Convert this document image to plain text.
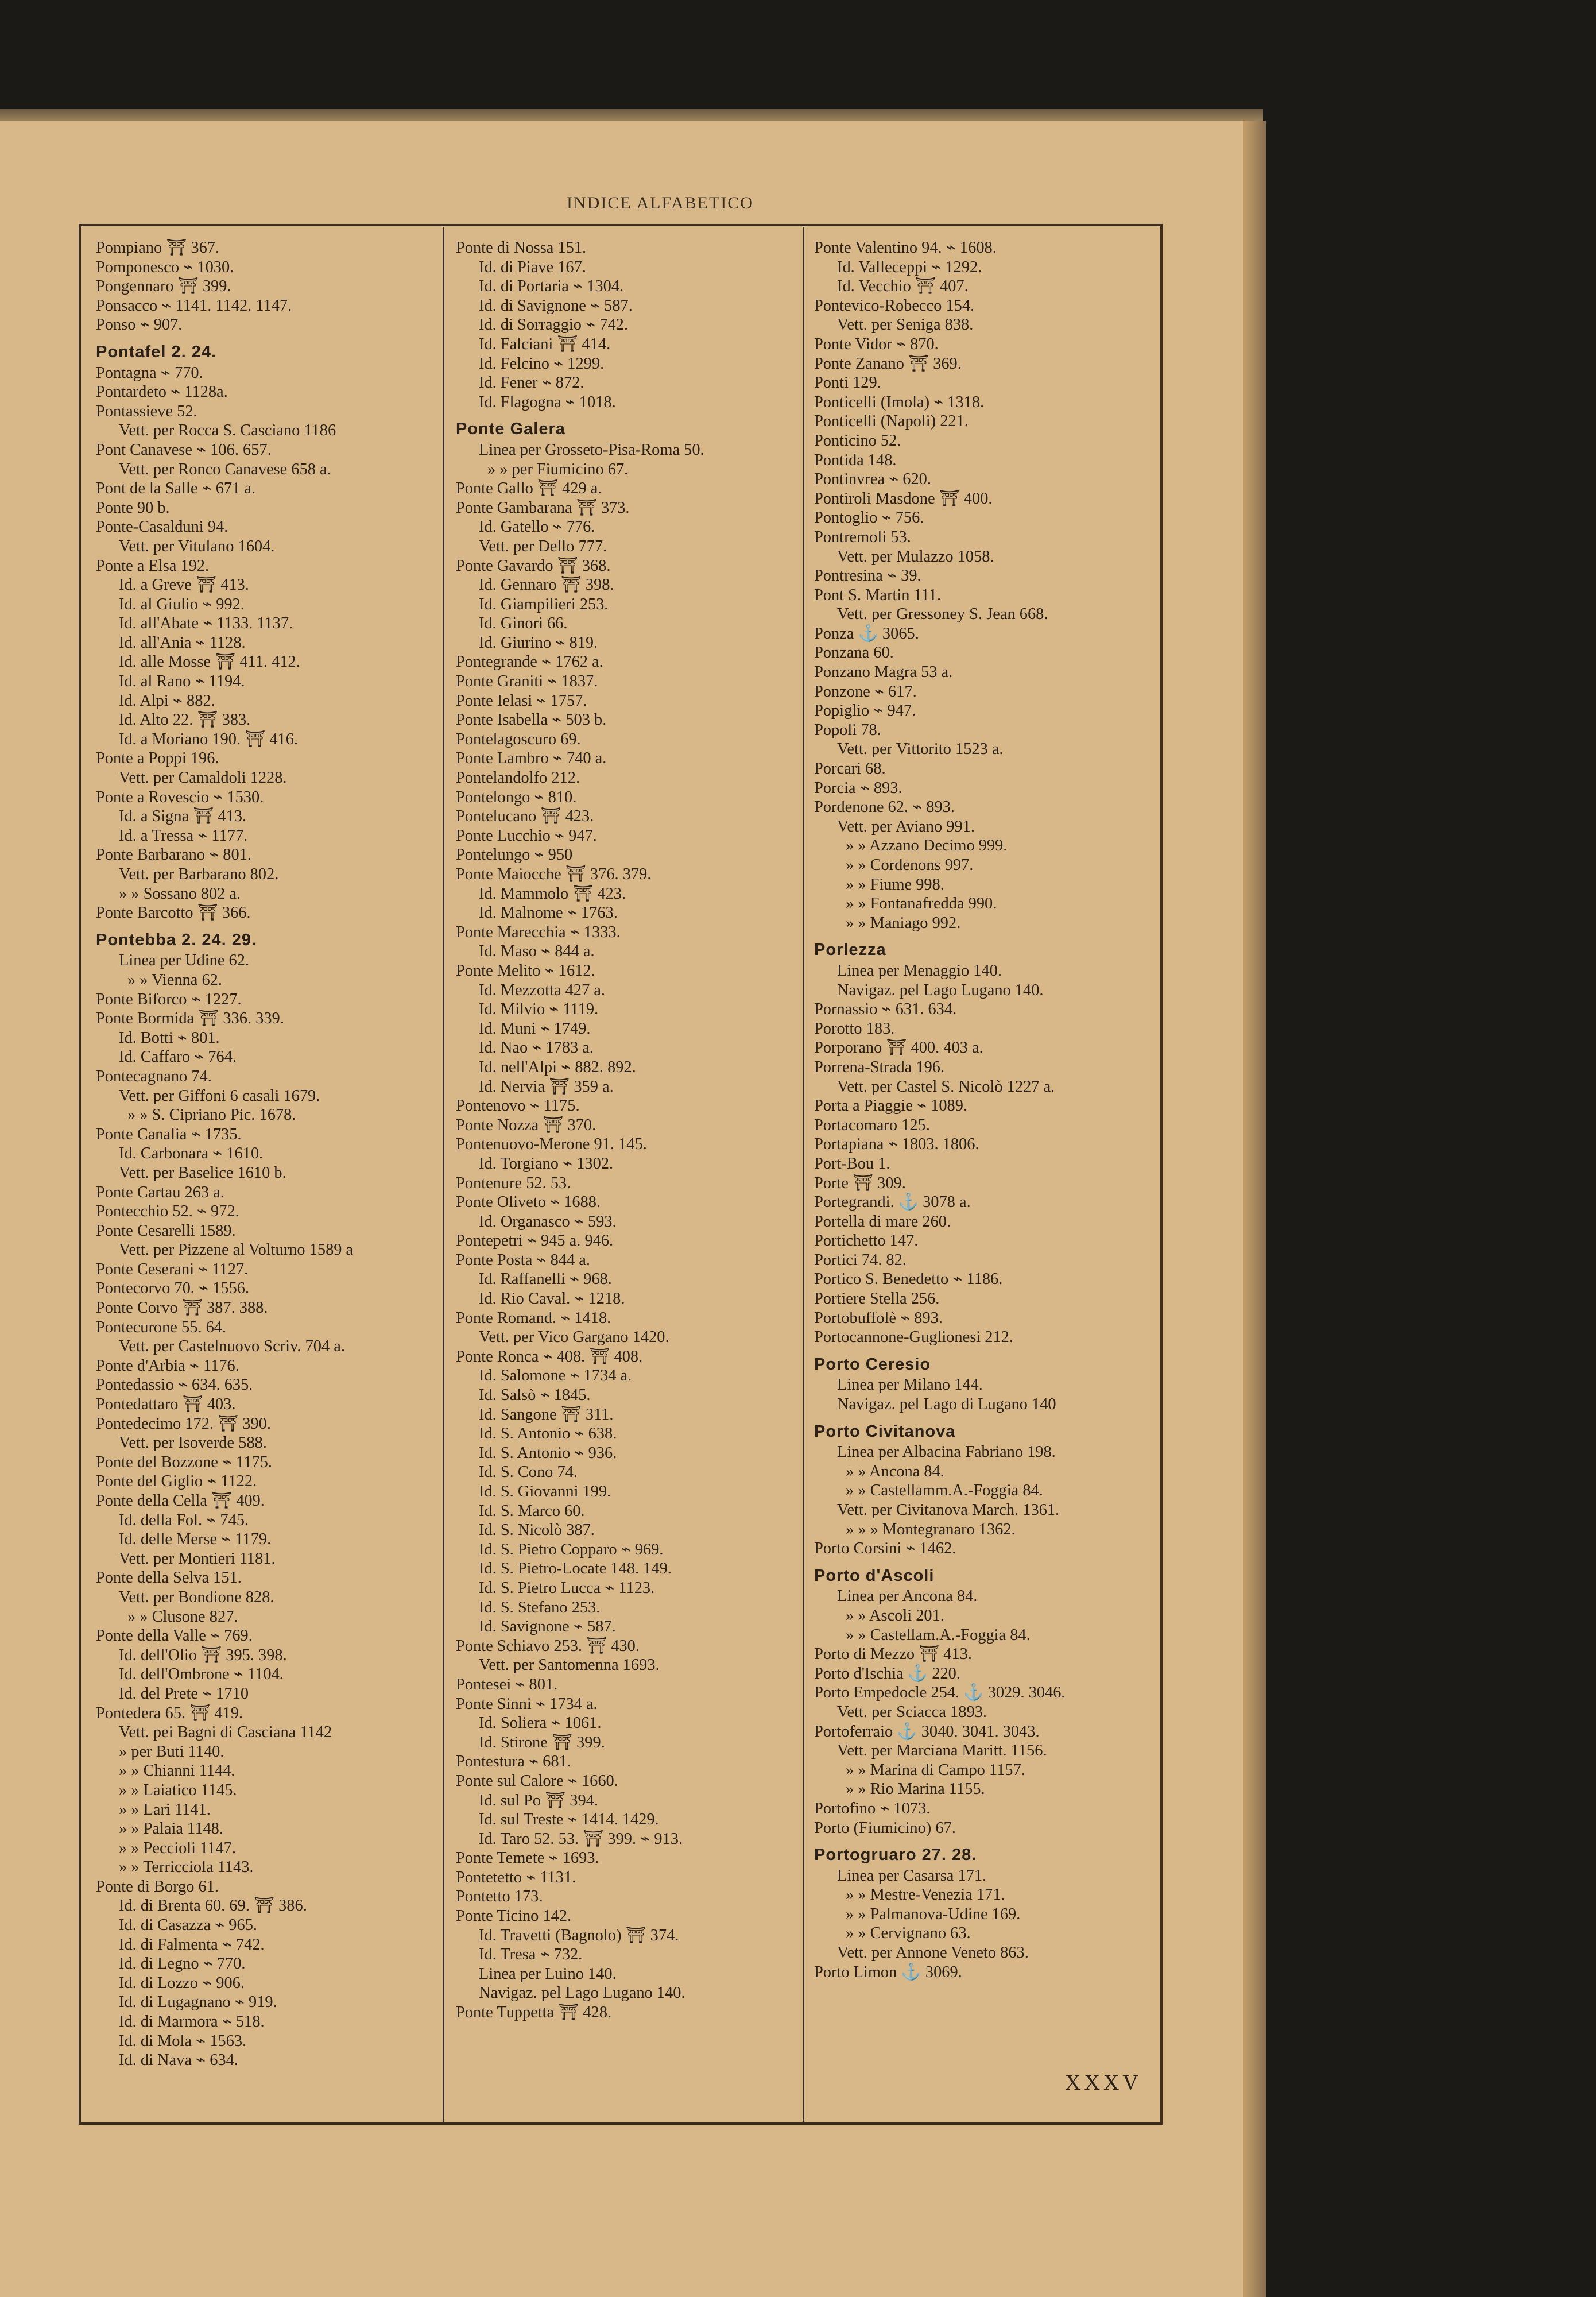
INDICE ALFABETICO
Pompiano ⛩ 367.
Pomponesco ⌁ 1030.
Pongennaro ⛩ 399.
Ponsacco ⌁ 1141. 1142. 1147.
Ponso ⌁ 907.
Pontafel 2. 24.
Pontagna ⌁ 770.
Pontardeto ⌁ 1128a.
Pontassieve 52.
Vett. per Rocca S. Casciano 1186
Pont Canavese ⌁ 106. 657.
Vett. per Ronco Canavese 658 a.
Pont de la Salle ⌁ 671 a.
Ponte 90 b.
Ponte-Casalduni 94.
Vett. per Vitulano 1604.
Ponte a Elsa 192.
Id. a Greve ⛩ 413.
Id. al Giulio ⌁ 992.
Id. all'Abate ⌁ 1133. 1137.
Id. all'Ania ⌁ 1128.
Id. alle Mosse ⛩ 411. 412.
Id. al Rano ⌁ 1194.
Id. Alpi ⌁ 882.
Id. Alto 22. ⛩ 383.
Id. a Moriano 190. ⛩ 416.
Ponte a Poppi 196.
Vett. per Camaldoli 1228.
Ponte a Rovescio ⌁ 1530.
Id. a Signa ⛩ 413.
Id. a Tressa ⌁ 1177.
Ponte Barbarano ⌁ 801.
Vett. per Barbarano 802.
» » Sossano 802 a.
Ponte Barcotto ⛩ 366.
Pontebba 2. 24. 29.
Linea per Udine 62.
» » Vienna 62.
Ponte Biforco ⌁ 1227.
Ponte Bormida ⛩ 336. 339.
Id. Botti ⌁ 801.
Id. Caffaro ⌁ 764.
Pontecagnano 74.
Vett. per Giffoni 6 casali 1679.
» » S. Cipriano Pic. 1678.
Ponte Canalia ⌁ 1735.
Id. Carbonara ⌁ 1610.
Vett. per Baselice 1610 b.
Ponte Cartau 263 a.
Pontecchio 52. ⌁ 972.
Ponte Cesarelli 1589.
Vett. per Pizzene al Volturno 1589 a
Ponte Ceserani ⌁ 1127.
Pontecorvo 70. ⌁ 1556.
Ponte Corvo ⛩ 387. 388.
Pontecurone 55. 64.
Vett. per Castelnuovo Scriv. 704 a.
Ponte d'Arbia ⌁ 1176.
Pontedassio ⌁ 634. 635.
Pontedattaro ⛩ 403.
Pontedecimo 172. ⛩ 390.
Vett. per Isoverde 588.
Ponte del Bozzone ⌁ 1175.
Ponte del Giglio ⌁ 1122.
Ponte della Cella ⛩ 409.
Id. della Fol. ⌁ 745.
Id. delle Merse ⌁ 1179.
Vett. per Montieri 1181.
Ponte della Selva 151.
Vett. per Bondione 828.
» » Clusone 827.
Ponte della Valle ⌁ 769.
Id. dell'Olio ⛩ 395. 398.
Id. dell'Ombrone ⌁ 1104.
Id. del Prete ⌁ 1710
Pontedera 65. ⛩ 419.
Vett. pei Bagni di Casciana 1142
» per Buti 1140.
» » Chianni 1144.
» » Laiatico 1145.
» » Lari 1141.
» » Palaia 1148.
» » Peccioli 1147.
» » Terricciola 1143.
Ponte di Borgo 61.
Id. di Brenta 60. 69. ⛩ 386.
Id. di Casazza ⌁ 965.
Id. di Falmenta ⌁ 742.
Id. di Legno ⌁ 770.
Id. di Lozzo ⌁ 906.
Id. di Lugagnano ⌁ 919.
Id. di Marmora ⌁ 518.
Id. di Mola ⌁ 1563.
Id. di Nava ⌁ 634.
Ponte di Nossa 151.
Id. di Piave 167.
Id. di Portaria ⌁ 1304.
Id. di Savignone ⌁ 587.
Id. di Sorraggio ⌁ 742.
Id. Falciani ⛩ 414.
Id. Felcino ⌁ 1299.
Id. Fener ⌁ 872.
Id. Flagogna ⌁ 1018.
Ponte Galera
Linea per Grosseto-Pisa-Roma 50.
» » per Fiumicino 67.
Ponte Gallo ⛩ 429 a.
Ponte Gambarana ⛩ 373.
Id. Gatello ⌁ 776.
Vett. per Dello 777.
Ponte Gavardo ⛩ 368.
Id. Gennaro ⛩ 398.
Id. Giampilieri 253.
Id. Ginori 66.
Id. Giurino ⌁ 819.
Pontegrande ⌁ 1762 a.
Ponte Graniti ⌁ 1837.
Ponte Ielasi ⌁ 1757.
Ponte Isabella ⌁ 503 b.
Pontelagoscuro 69.
Ponte Lambro ⌁ 740 a.
Pontelandolfo 212.
Pontelongo ⌁ 810.
Pontelucano ⛩ 423.
Ponte Lucchio ⌁ 947.
Pontelungo ⌁ 950
Ponte Maiocche ⛩ 376. 379.
Id. Mammolo ⛩ 423.
Id. Malnome ⌁ 1763.
Ponte Marecchia ⌁ 1333.
Id. Maso ⌁ 844 a.
Ponte Melito ⌁ 1612.
Id. Mezzotta 427 a.
Id. Milvio ⌁ 1119.
Id. Muni ⌁ 1749.
Id. Nao ⌁ 1783 a.
Id. nell'Alpi ⌁ 882. 892.
Id. Nervia ⛩ 359 a.
Pontenovo ⌁ 1175.
Ponte Nozza ⛩ 370.
Pontenuovo-Merone 91. 145.
Id. Torgiano ⌁ 1302.
Pontenure 52. 53.
Ponte Oliveto ⌁ 1688.
Id. Organasco ⌁ 593.
Pontepetri ⌁ 945 a. 946.
Ponte Posta ⌁ 844 a.
Id. Raffanelli ⌁ 968.
Id. Rio Caval. ⌁ 1218.
Ponte Romand. ⌁ 1418.
Vett. per Vico Gargano 1420.
Ponte Ronca ⌁ 408. ⛩ 408.
Id. Salomone ⌁ 1734 a.
Id. Salsò ⌁ 1845.
Id. Sangone ⛩ 311.
Id. S. Antonio ⌁ 638.
Id. S. Antonio ⌁ 936.
Id. S. Cono 74.
Id. S. Giovanni 199.
Id. S. Marco 60.
Id. S. Nicolò 387.
Id. S. Pietro Copparo ⌁ 969.
Id. S. Pietro-Locate 148. 149.
Id. S. Pietro Lucca ⌁ 1123.
Id. S. Stefano 253.
Id. Savignone ⌁ 587.
Ponte Schiavo 253. ⛩ 430.
Vett. per Santomenna 1693.
Pontesei ⌁ 801.
Ponte Sinni ⌁ 1734 a.
Id. Soliera ⌁ 1061.
Id. Stirone ⛩ 399.
Pontestura ⌁ 681.
Ponte sul Calore ⌁ 1660.
Id. sul Po ⛩ 394.
Id. sul Treste ⌁ 1414. 1429.
Id. Taro 52. 53. ⛩ 399. ⌁ 913.
Ponte Temete ⌁ 1693.
Pontetetto ⌁ 1131.
Pontetto 173.
Ponte Ticino 142.
Id. Travetti (Bagnolo) ⛩ 374.
Id. Tresa ⌁ 732.
Linea per Luino 140.
Navigaz. pel Lago Lugano 140.
Ponte Tuppetta ⛩ 428.
Ponte Valentino 94. ⌁ 1608.
Id. Valleceppi ⌁ 1292.
Id. Vecchio ⛩ 407.
Pontevico-Robecco 154.
Vett. per Seniga 838.
Ponte Vidor ⌁ 870.
Ponte Zanano ⛩ 369.
Ponti 129.
Ponticelli (Imola) ⌁ 1318.
Ponticelli (Napoli) 221.
Ponticino 52.
Pontida 148.
Pontinvrea ⌁ 620.
Pontiroli Masdone ⛩ 400.
Pontoglio ⌁ 756.
Pontremoli 53.
Vett. per Mulazzo 1058.
Pontresina ⌁ 39.
Pont S. Martin 111.
Vett. per Gressoney S. Jean 668.
Ponza ⚓ 3065.
Ponzana 60.
Ponzano Magra 53 a.
Ponzone ⌁ 617.
Popiglio ⌁ 947.
Popoli 78.
Vett. per Vittorito 1523 a.
Porcari 68.
Porcia ⌁ 893.
Pordenone 62. ⌁ 893.
Vett. per Aviano 991.
» » Azzano Decimo 999.
» » Cordenons 997.
» » Fiume 998.
» » Fontanafredda 990.
» » Maniago 992.
Porlezza
Linea per Menaggio 140.
Navigaz. pel Lago Lugano 140.
Pornassio ⌁ 631. 634.
Porotto 183.
Porporano ⛩ 400. 403 a.
Porrena-Strada 196.
Vett. per Castel S. Nicolò 1227 a.
Porta a Piaggie ⌁ 1089.
Portacomaro 125.
Portapiana ⌁ 1803. 1806.
Port-Bou 1.
Porte ⛩ 309.
Portegrandi. ⚓ 3078 a.
Portella di mare 260.
Portichetto 147.
Portici 74. 82.
Portico S. Benedetto ⌁ 1186.
Portiere Stella 256.
Portobuffolè ⌁ 893.
Portocannone-Guglionesi 212.
Porto Ceresio
Linea per Milano 144.
Navigaz. pel Lago di Lugano 140
Porto Civitanova
Linea per Albacina Fabriano 198.
» » Ancona 84.
» » Castellamm.A.-Foggia 84.
Vett. per Civitanova March. 1361.
» » » Montegranaro 1362.
Porto Corsini ⌁ 1462.
Porto d'Ascoli
Linea per Ancona 84.
» » Ascoli 201.
» » Castellam.A.-Foggia 84.
Porto di Mezzo ⛩ 413.
Porto d'Ischia ⚓ 220.
Porto Empedocle 254. ⚓ 3029. 3046.
Vett. per Sciacca 1893.
Portoferraio ⚓ 3040. 3041. 3043.
Vett. per Marciana Maritt. 1156.
» » Marina di Campo 1157.
» » Rio Marina 1155.
Portofino ⌁ 1073.
Porto (Fiumicino) 67.
Portogruaro 27. 28.
Linea per Casarsa 171.
» » Mestre-Venezia 171.
» » Palmanova-Udine 169.
» » Cervignano 63.
Vett. per Annone Veneto 863.
Porto Limon ⚓ 3069.
XXXV
